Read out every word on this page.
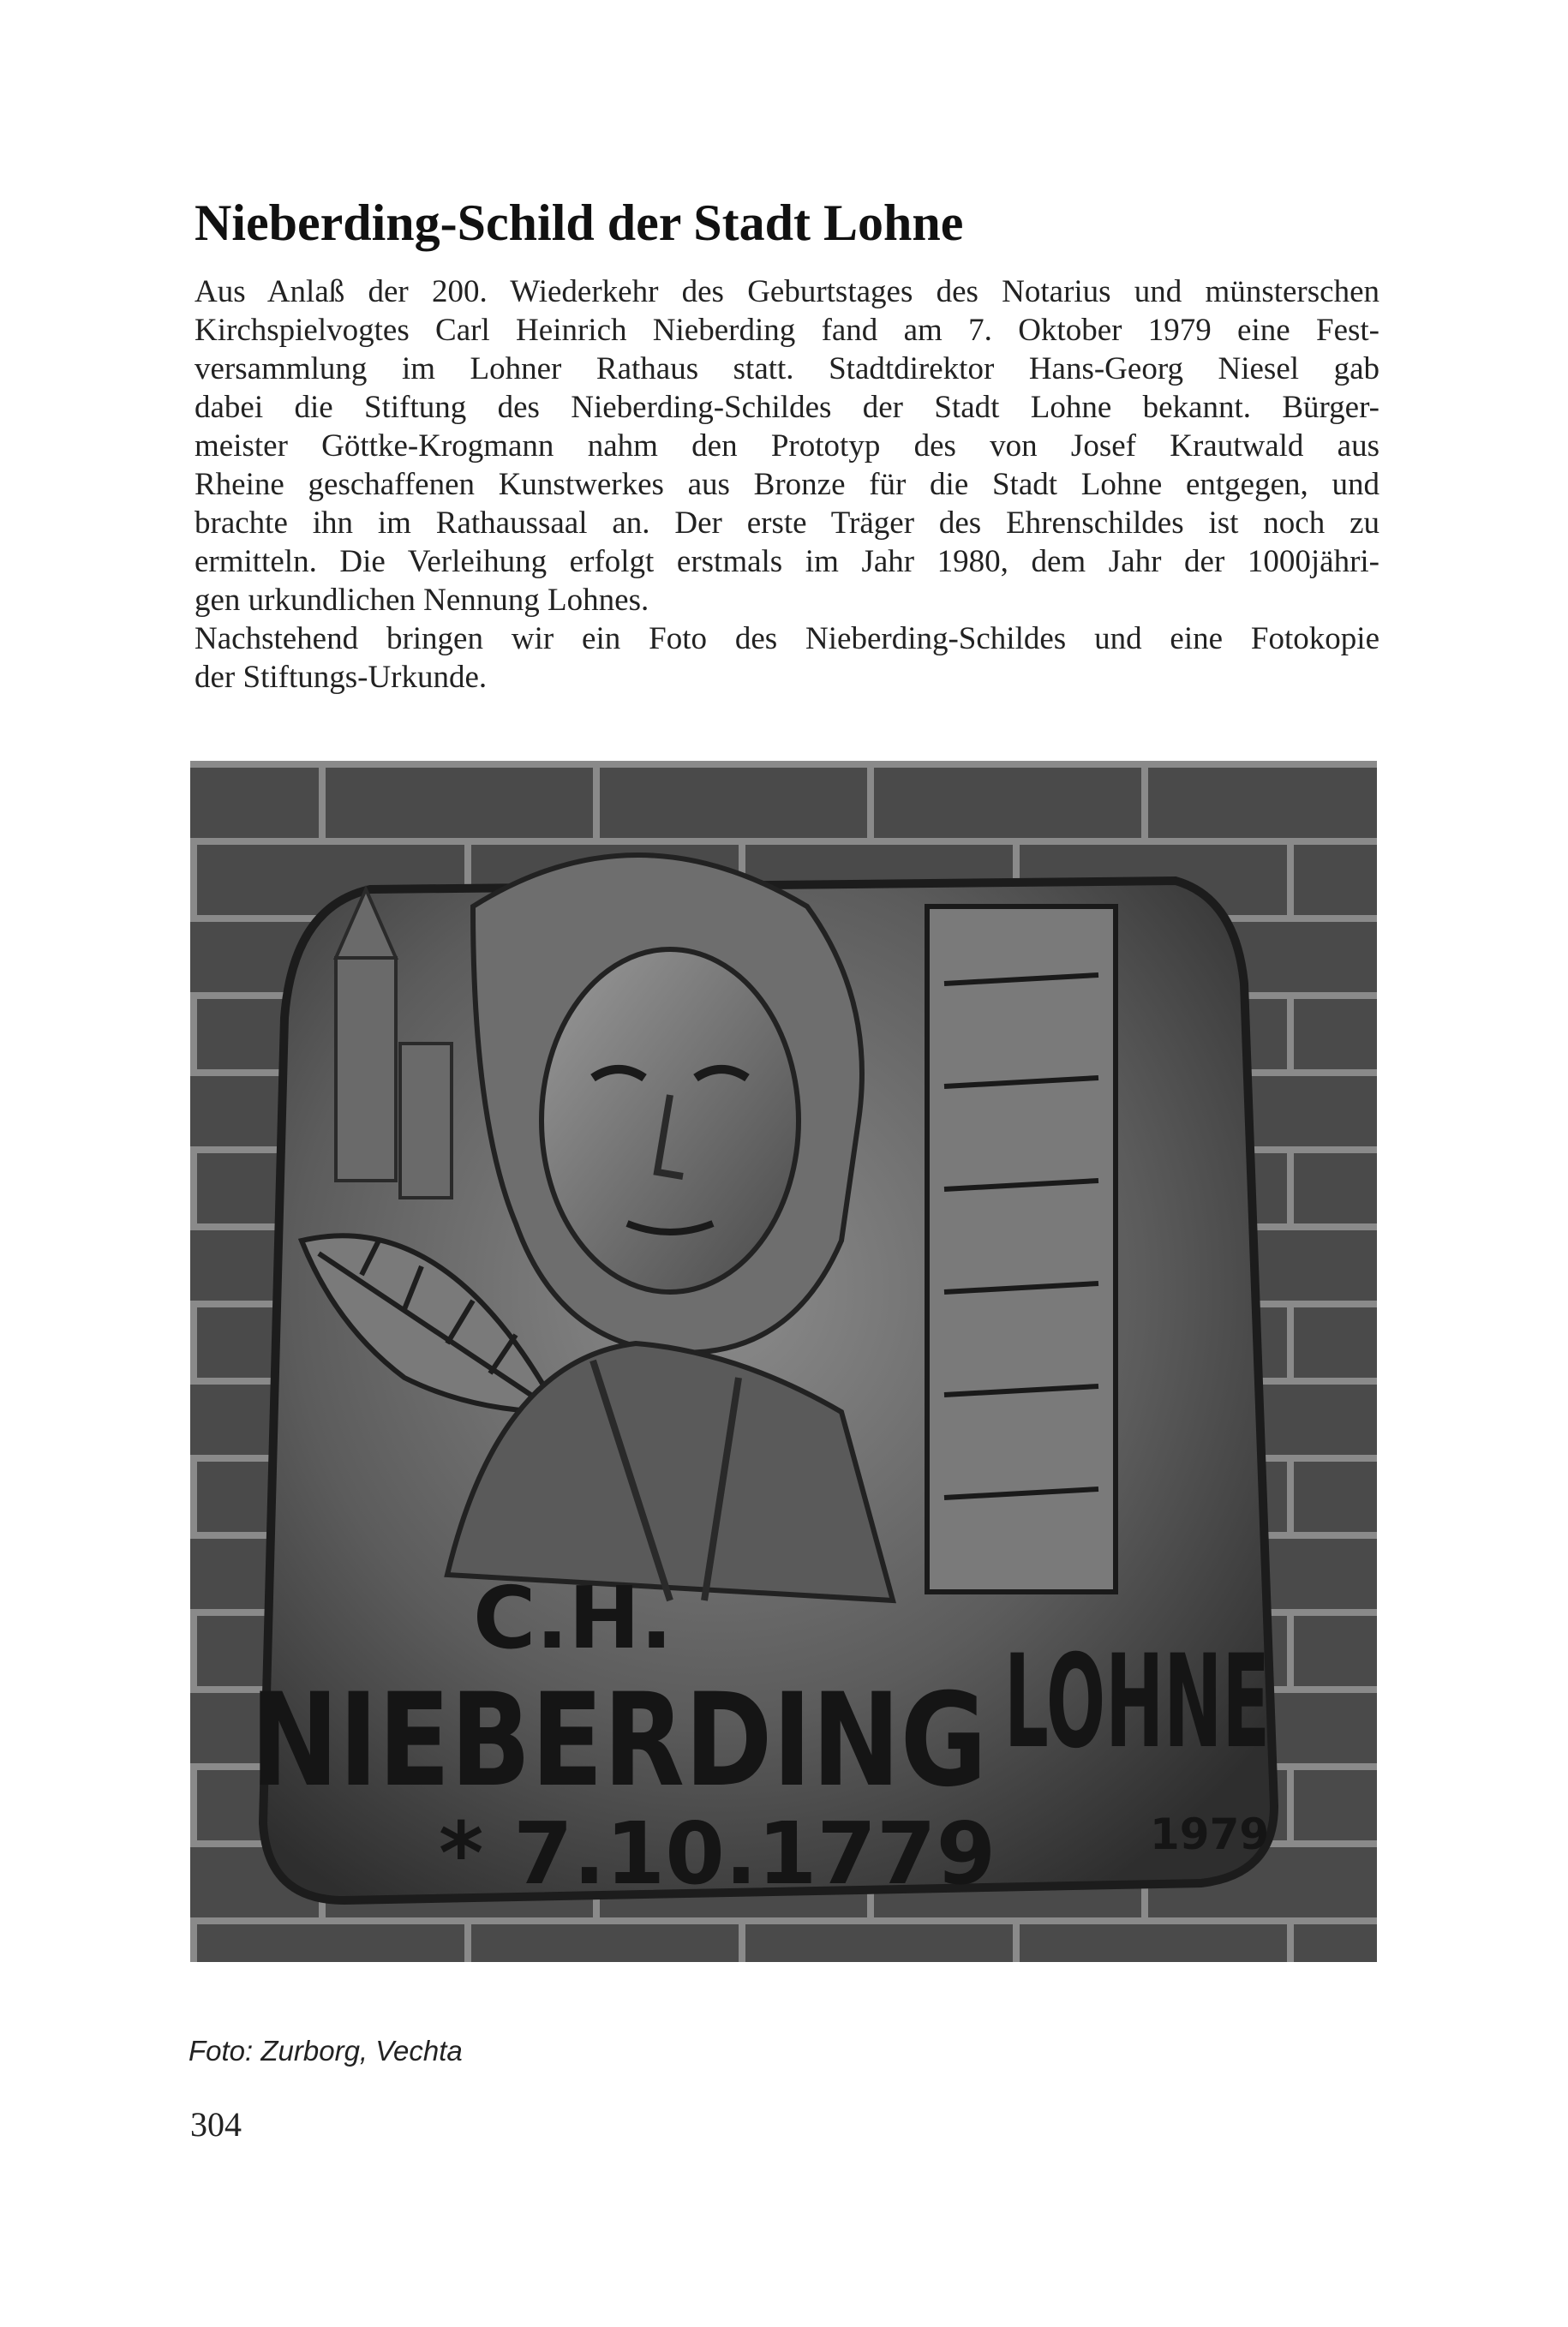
Nieberding-Schild der Stadt Lohne
Aus Anlaß der 200. Wiederkehr des Geburtstages des Notarius und münsterschen
Kirchspielvogtes Carl Heinrich Nieberding fand am 7. Oktober 1979 eine Fest-
versammlung im Lohner Rathaus statt. Stadtdirektor Hans-Georg Niesel gab
dabei die Stiftung des Nieberding-Schildes der Stadt Lohne bekannt. Bürger-
meister Göttke-Krogmann nahm den Prototyp des von Josef Krautwald aus
Rheine geschaffenen Kunstwerkes aus Bronze für die Stadt Lohne entgegen, und
brachte ihn im Rathaussaal an. Der erste Träger des Ehrenschildes ist noch zu
ermitteln. Die Verleihung erfolgt erstmals im Jahr 1980, dem Jahr der 1000jähri-
gen urkundlichen Nennung Lohnes.
Nachstehend bringen wir ein Foto des Nieberding-Schildes und eine Fotokopie
der Stiftungs-Urkunde.
C.H.
NIEBERDING
* 7.10.1779
LOHNE
1979

Foto: Zurborg, Vechta

304
